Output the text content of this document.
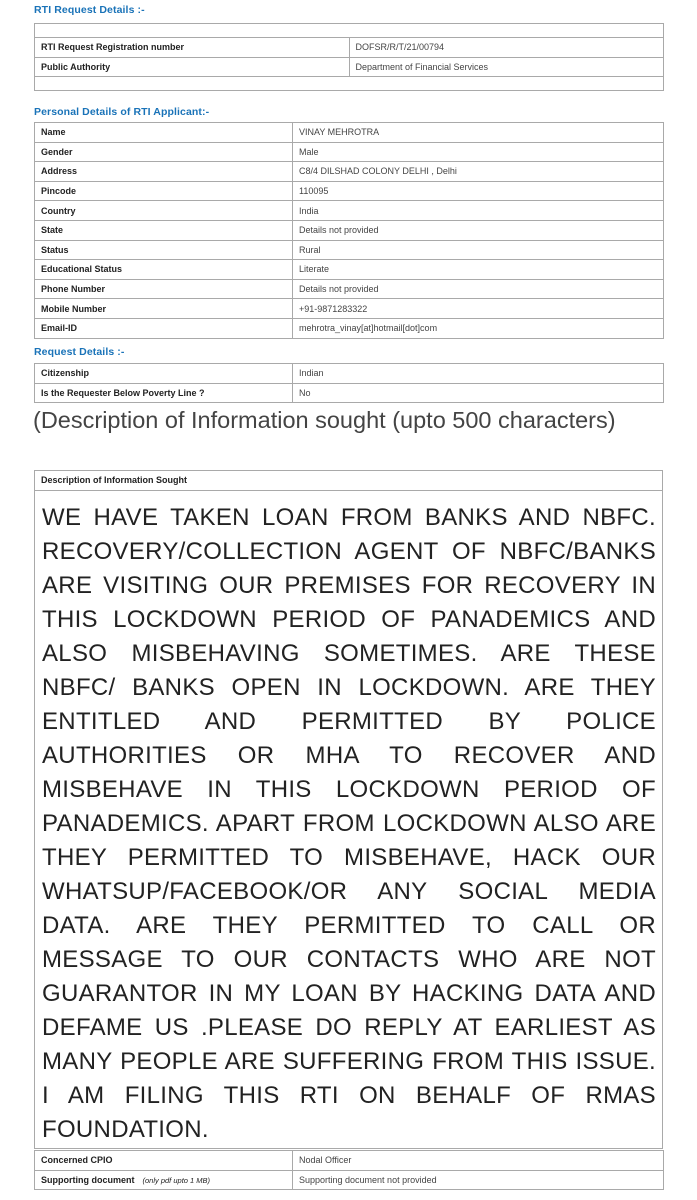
RTI Request Details :-

RTI Request Registration number	DOFSR/R/T/21/00794
Public Authority	Department of Financial Services

Personal Details of RTI Applicant:-
Name	VINAY MEHROTRA
Gender	Male
Address	C8/4 DILSHAD COLONY DELHI , Delhi
Pincode	110095
Country	India
State	Details not provided
Status	Rural
Educational Status	Literate
Phone Number	Details not provided
Mobile Number	+91-9871283322
Email-ID	mehrotra_vinay[at]hotmail[dot]com
Request Details :-
Citizenship	Indian
Is the Requester Below Poverty Line ?	No
(Description of Information sought (upto 500 characters)
Description of Information Sought
WE HAVE TAKEN LOAN FROM BANKS AND NBFC. RECOVERY/COLLECTION AGENT OF NBFC/BANKS ARE VISITING OUR PREMISES FOR RECOVERY IN THIS LOCKDOWN PERIOD OF PANADEMICS AND ALSO MISBEHAVING SOMETIMES. ARE THESE NBFC/ BANKS OPEN IN LOCKDOWN. ARE THEY ENTITLED AND PERMITTED BY POLICE AUTHORITIES OR MHA TO RECOVER AND MISBEHAVE IN THIS LOCKDOWN PERIOD OF PANADEMICS. APART FROM LOCKDOWN ALSO ARE THEY PERMITTED TO MISBEHAVE, HACK OUR WHATSUP/FACEBOOK/OR ANY SOCIAL MEDIA DATA. ARE THEY PERMITTED TO CALL OR MESSAGE TO OUR CONTACTS WHO ARE NOT GUARANTOR IN MY LOAN BY HACKING DATA AND DEFAME US .PLEASE DO REPLY AT EARLIEST AS MANY PEOPLE ARE SUFFERING FROM THIS ISSUE. I AM FILING THIS RTI ON BEHALF OF RMAS FOUNDATION.
Concerned CPIO	Nodal Officer
Supporting document (only pdf upto 1 MB)	Supporting document not provided
